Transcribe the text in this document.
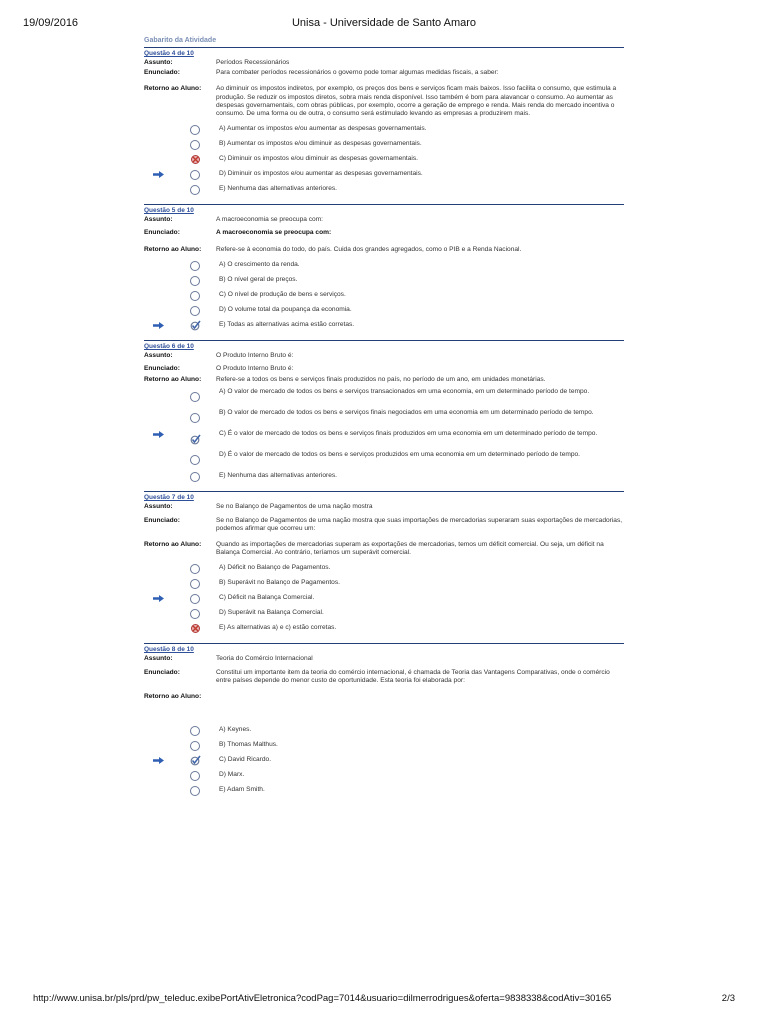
19/09/2016	Unisa - Universidade de Santo Amaro
Gabarito da Atividade
Questão 4 de 10
Assunto:	Períodos Recessionários
Enunciado:	Para combater períodos recessionários o governo pode tomar algumas medidas fiscais, a saber:
Retorno ao Aluno:	Ao diminuir os impostos indiretos, por exemplo, os preços dos bens e serviços ficam mais baixos. Isso facilita o consumo, que estimula a produção. Se reduzir os impostos diretos, sobra mais renda disponível. Isso também é bom para alavancar o consumo. Ao aumentar as despesas governamentais, com obras públicas, por exemplo, ocorre a geração de emprego e renda. Mais renda do mercado incentiva o consumo. De uma forma ou de outra, o consumo será estimulado levando as empresas a produzirem mais.
A) Aumentar os impostos e/ou aumentar as despesas governamentais.
B) Aumentar os impostos e/ou diminuir as despesas governamentais.
C) Diminuir os impostos e/ou diminuir as despesas governamentais.
D) Diminuir os impostos e/ou aumentar as despesas governamentais.
E) Nenhuma das alternativas anteriores.
Questão 5 de 10
Assunto:	A macroeconomia se preocupa com:
Enunciado:	A macroeconomia se preocupa com:
Retorno ao Aluno:	Refere-se à economia do todo, do país. Cuida dos grandes agregados, como o PIB e a Renda Nacional.
A) O crescimento da renda.
B) O nível geral de preços.
C) O nível de produção de bens e serviços.
D) O volume total da poupança da economia.
E) Todas as alternativas acima estão corretas.
Questão 6 de 10
Assunto:	O Produto Interno Bruto é:
Enunciado:	O Produto Interno Bruto é:
Retorno ao Aluno:	Refere-se a todos os bens e serviços finais produzidos no país, no período de um ano, em unidades monetárias.
A) O valor de mercado de todos os bens e serviços transacionados em uma economia, em um determinado período de tempo.
B) O valor de mercado de todos os bens e serviços finais negociados em uma economia em um determinado período de tempo.
C) É o valor de mercado de todos os bens e serviços finais produzidos em uma economia em um determinado período de tempo.
D) É o valor de mercado de todos os bens e serviços produzidos em uma economia em um determinado período de tempo.
E) Nenhuma das alternativas anteriores.
Questão 7 de 10
Assunto:	Se no Balanço de Pagamentos de uma nação mostra
Enunciado:	Se no Balanço de Pagamentos de uma nação mostra que suas importações de mercadorias superaram suas exportações de mercadorias, podemos afirmar que ocorreu um:
Retorno ao Aluno:	Quando as importações de mercadorias superam as exportações de mercadorias, temos um déficit comercial. Ou seja, um déficit na Balança Comercial. Ao contrário, teríamos um superávit comercial.
A) Déficit no Balanço de Pagamentos.
B) Superávit no Balanço de Pagamentos.
C) Déficit na Balança Comercial.
D) Superávit na Balança Comercial.
E) As alternativas a) e c) estão corretas.
Questão 8 de 10
Assunto:	Teoria do Comércio Internacional
Enunciado:	Constitui um importante item da teoria do comércio internacional, é chamada de Teoria das Vantagens Comparativas, onde o comércio entre países depende do menor custo de oportunidade. Esta teoria foi elaborada por:
Retorno ao Aluno:
A) Keynes.
B) Thomas Malthus.
C) David Ricardo.
D) Marx.
E) Adam Smith.
http://www.unisa.br/pls/prd/pw_teleduc.exibePortAtivEletronica?codPag=7014&usuario=dilmerrodrigues&oferta=9838338&codAtiv=30165	2/3
